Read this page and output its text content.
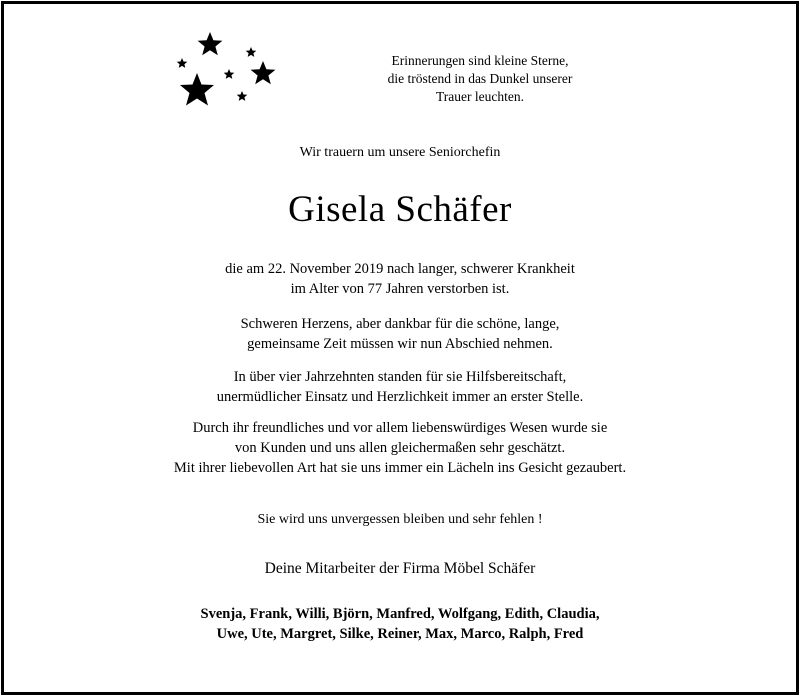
Erinnerungen sind kleine Sterne,
die tröstend in das Dunkel unserer
Trauer leuchten.
Wir trauern um unsere Seniorchefin
Gisela Schäfer
die am 22. November 2019 nach langer, schwerer Krankheit
im Alter von 77 Jahren verstorben ist.
Schweren Herzens, aber dankbar für die schöne, lange,
gemeinsame Zeit müssen wir nun Abschied nehmen.
In über vier Jahrzehnten standen für sie Hilfsbereitschaft,
unermüdlicher Einsatz und Herzlichkeit immer an erster Stelle.
Durch ihr freundliches und vor allem liebenswürdiges Wesen wurde sie
von Kunden und uns allen gleichermaßen sehr geschätzt.
Mit ihrer liebevollen Art hat sie uns immer ein Lächeln ins Gesicht gezaubert.
Sie wird uns unvergessen bleiben und sehr fehlen !
Deine Mitarbeiter der Firma Möbel Schäfer
Svenja, Frank, Willi, Björn, Manfred, Wolfgang, Edith, Claudia,
Uwe, Ute, Margret, Silke, Reiner, Max, Marco, Ralph, Fred
